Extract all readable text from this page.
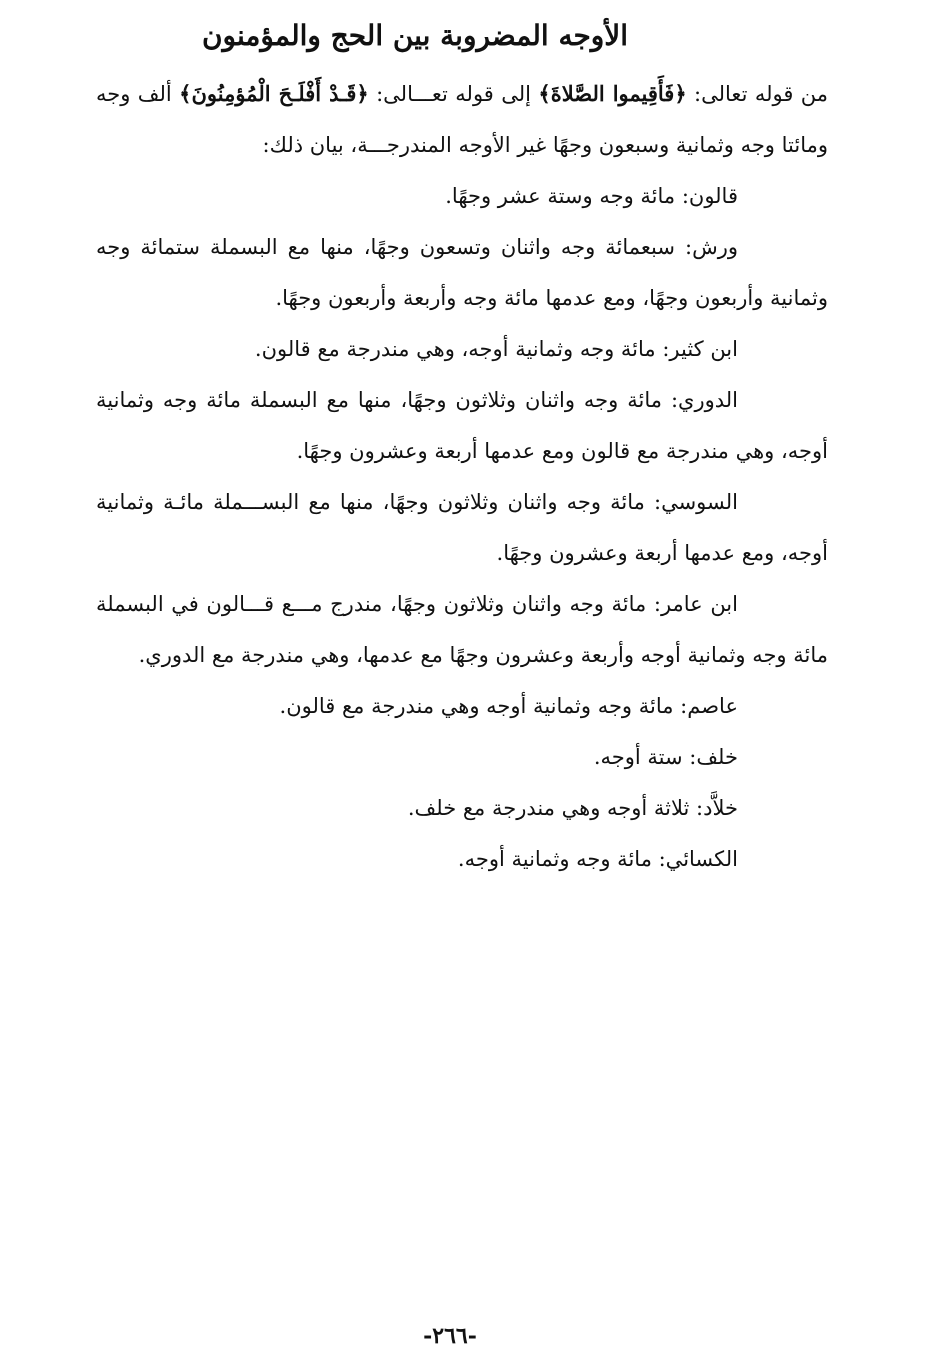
الأوجه المضروبة بين الحج والمؤمنون

من قوله تعالى: ﴿فَأَقِيموا الصَّلاةَ﴾ إلى قوله تعـــالى: ﴿قَـدْ أَفْلَـحَ الْمُؤمِنُونَ﴾ ألف وجه ومائتا وجه وثمانية وسبعون وجهًا غير الأوجه المندرجـــة، بيان ذلك:

قالون: مائة وجه وستة عشر وجهًا.

ورش: سبعمائة وجه واثنان وتسعون وجهًا، منها مع البسملة ستمائة وجه وثمانية وأربعون وجهًا، ومع عدمها مائة وجه وأربعة وأربعون وجهًا.

ابن كثير: مائة وجه وثمانية أوجه، وهي مندرجة مع قالون.

الدوري: مائة وجه واثنان وثلاثون وجهًا، منها مع البسملة مائة وجه وثمانية أوجه، وهي مندرجة مع قالون ومع عدمها أربعة وعشرون وجهًا.

السوسي: مائة وجه واثنان وثلاثون وجهًا، منها مع البســـملة مائـة وثمانية أوجه، ومع عدمها أربعة وعشرون وجهًا.

ابن عامر: مائة وجه واثنان وثلاثون وجهًا، مندرج مـــع قـــالون في البسملة مائة وجه وثمانية أوجه وأربعة وعشرون وجهًا مع عدمها، وهي مندرجة مع الدوري.

عاصم: مائة وجه وثمانية أوجه وهي مندرجة مع قالون.

خلف: ستة أوجه.

خلاَّد: ثلاثة أوجه وهي مندرجة مع خلف.

الكسائي: مائة وجه وثمانية أوجه.

-٢٦٦-
